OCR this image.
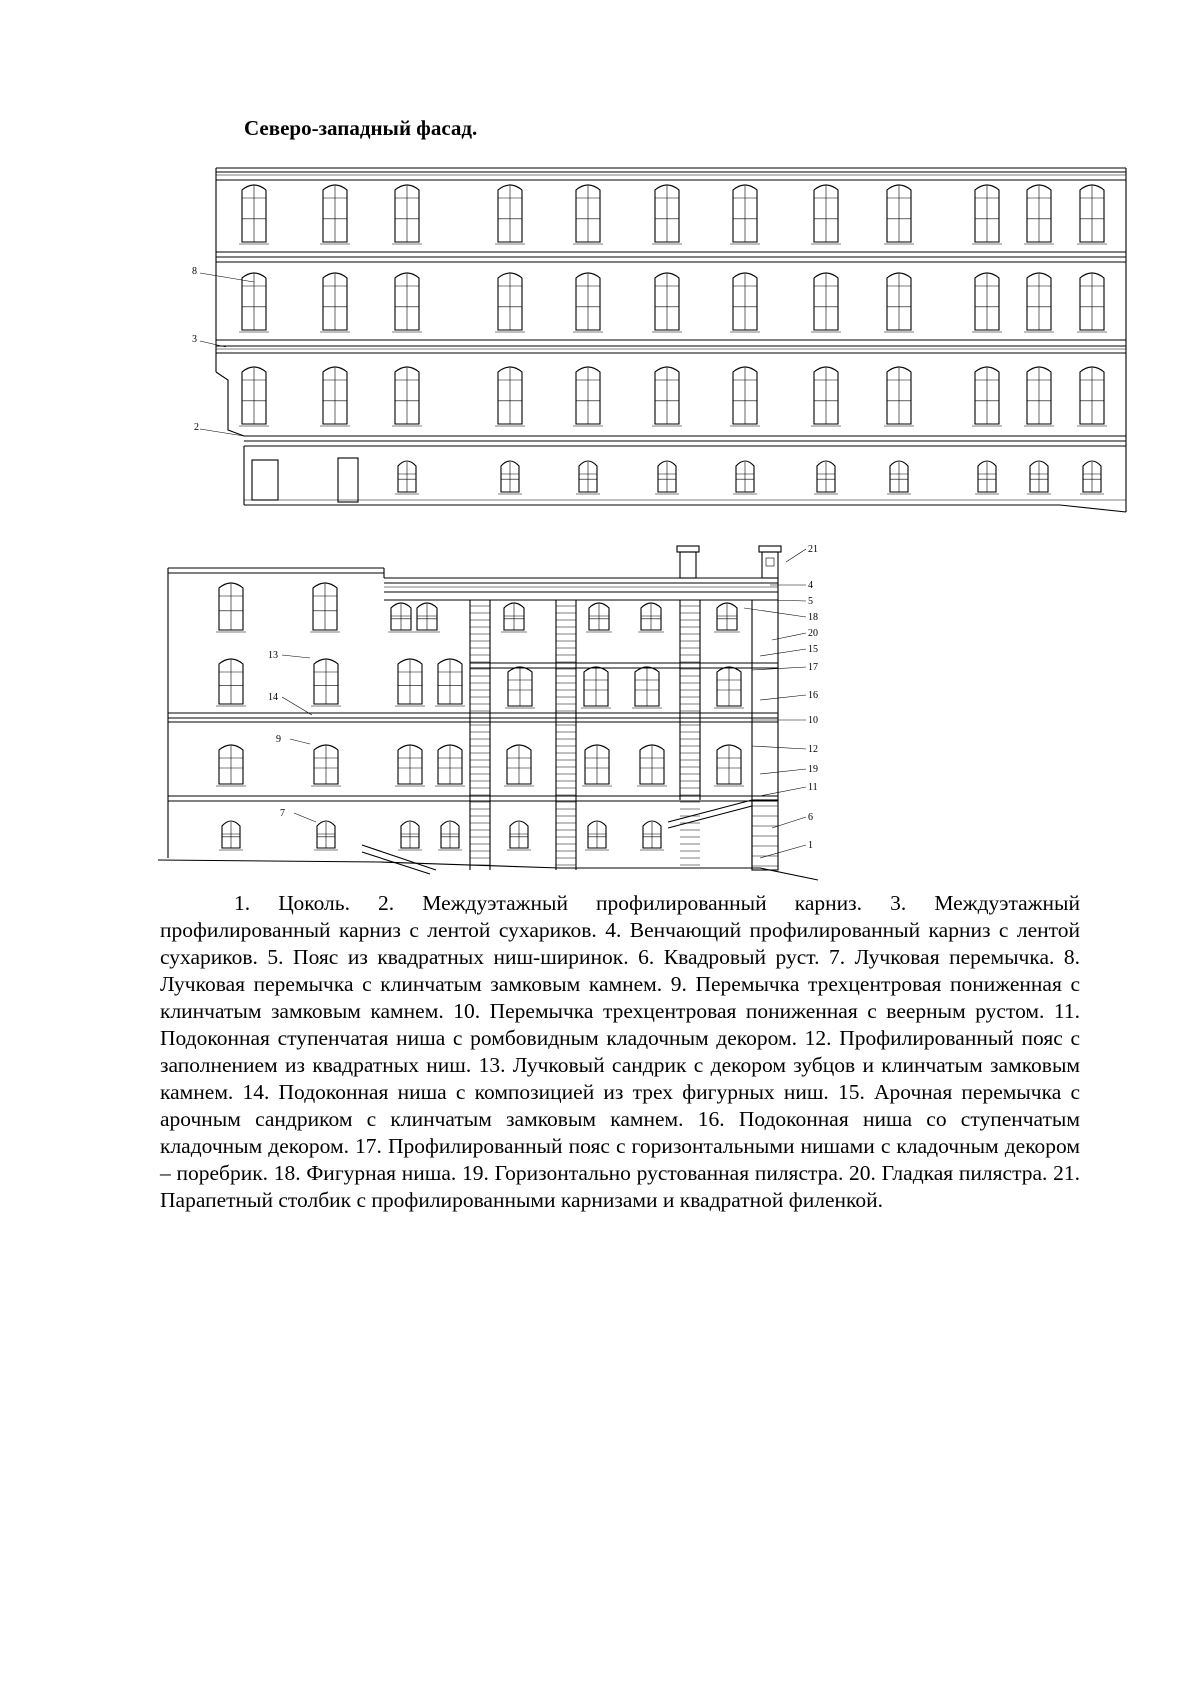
Северо-западный фасад.
8
3
2
13
14
9
7
21
4
5
18
20
15
17
16
10
12
19
11
6
1
1. Цоколь. 2. Междуэтажный профилированный карниз. 3. Междуэтажный профилированный карниз с лентой сухариков. 4. Венчающий профилированный карниз с лентой сухариков. 5. Пояс из квадратных ниш-ширинок. 6. Квадровый руст. 7. Лучковая перемычка. 8. Лучковая перемычка с клинчатым замковым камнем. 9. Перемычка трехцентровая пониженная с клинчатым замковым камнем. 10. Перемычка трехцентровая пониженная с веерным рустом. 11. Подоконная ступенчатая ниша с ромбовидным кладочным декором. 12. Профилированный пояс с заполнением из квадратных ниш. 13. Лучковый сандрик с декором зубцов и клинчатым замковым камнем. 14. Подоконная ниша с композицией из трех фигурных ниш. 15. Арочная перемычка с арочным сандриком с клинчатым замковым камнем. 16. Подоконная ниша со ступенчатым кладочным декором. 17. Профилированный пояс с горизонтальными нишами с кладочным декором – поребрик. 18. Фигурная ниша. 19. Горизонтально рустованная пилястра. 20. Гладкая пилястра. 21. Парапетный столбик с профилированными карнизами и квадратной филенкой.
